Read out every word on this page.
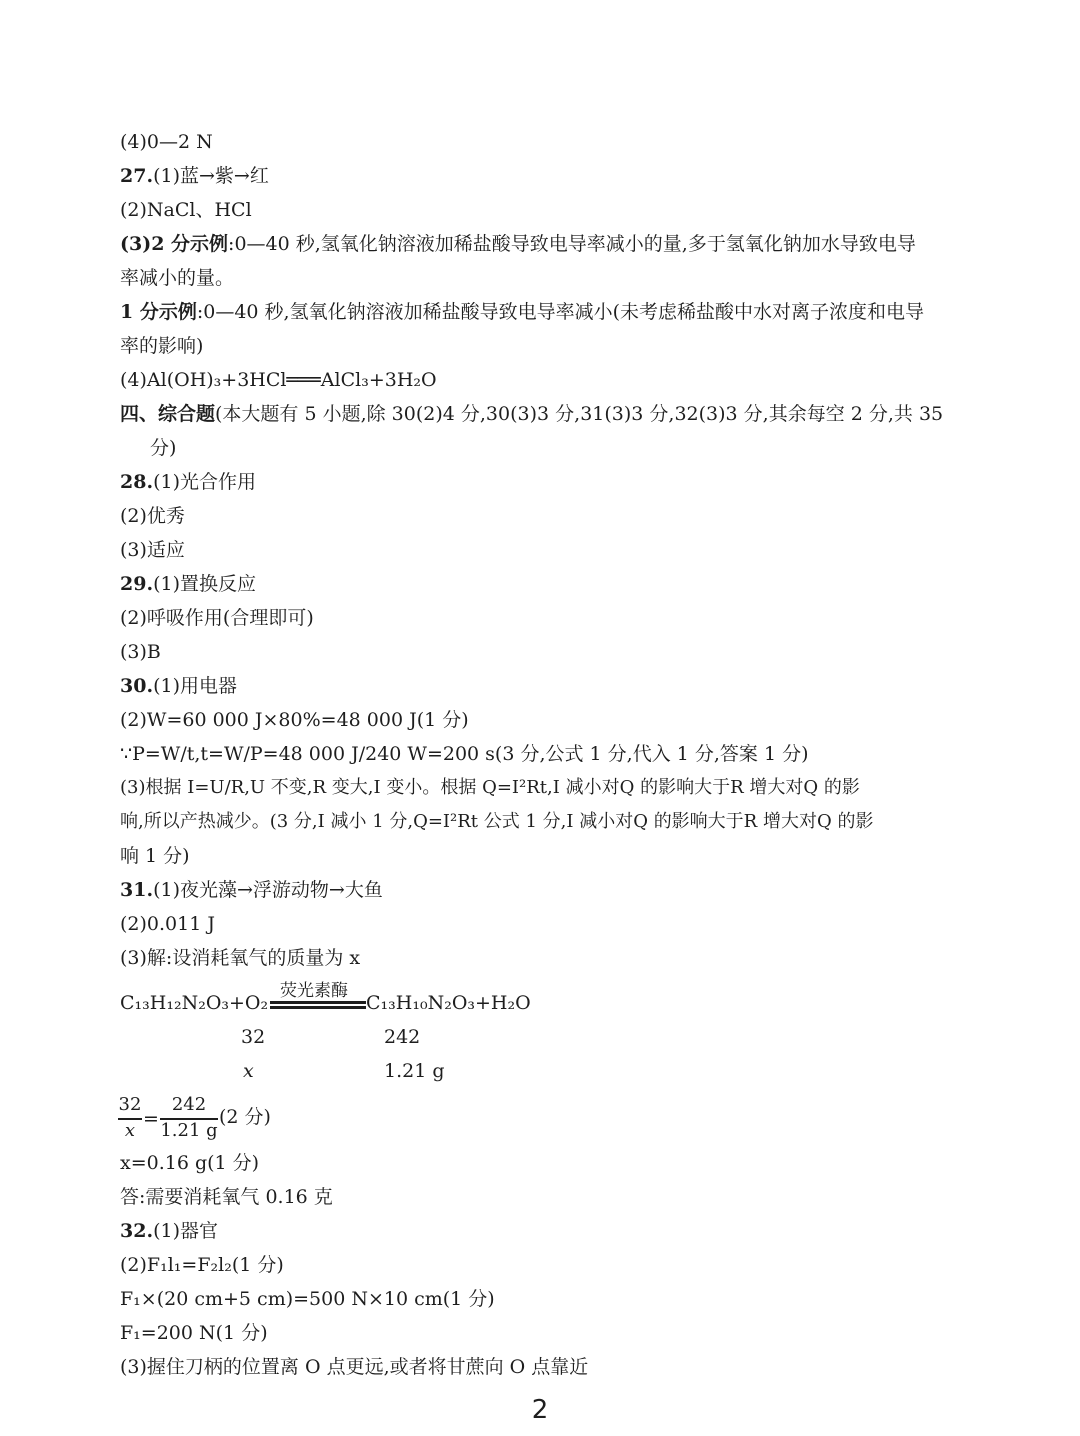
(4)0—2 N
27.(1)蓝→紫→红
(2)NaCl、HCl
(3)2 分示例:0—40 秒,氢氧化钠溶液加稀盐酸导致电导率减小的量,多于氢氧化钠加水导致电导
率减小的量。
1 分示例:0—40 秒,氢氧化钠溶液加稀盐酸导致电导率减小(未考虑稀盐酸中水对离子浓度和电导
率的影响)
(4)Al(OH)₃+3HCl═══AlCl₃+3H₂O
四、综合题(本大题有 5 小题,除 30(2)4 分,30(3)3 分,31(3)3 分,32(3)3 分,其余每空 2 分,共 35
分)
28.(1)光合作用
(2)优秀
(3)适应
29.(1)置换反应
(2)呼吸作用(合理即可)
(3)B
30.(1)用电器
(2)W=60 000 J×80%=48 000 J(1 分)
∵P=W/t,t=W/P=48 000 J/240 W=200 s(3 分,公式 1 分,代入 1 分,答案 1 分)
(3)根据 I=U/R,U 不变,R 变大,I 变小。根据 Q=I²Rt,I 减小对Q 的影响大于R 增大对Q 的影
响,所以产热减少。(3 分,I 减小 1 分,Q=I²Rt 公式 1 分,I 减小对Q 的影响大于R 增大对Q 的影
响 1 分)
31.(1)夜光藻→浮游动物→大鱼
(2)0.011 J
(3)解:设消耗氧气的质量为 x
C₁₃H₁₂N₂O₃+O₂
荧光素酶
C₁₃H₁₀N₂O₃+H₂O
32	242
x	1.21 g
32
x
=
242
1.21 g
(2 分)
x=0.16 g(1 分)
答:需要消耗氧气 0.16 克
32.(1)器官
(2)F₁l₁=F₂l₂(1 分)
F₁×(20 cm+5 cm)=500 N×10 cm(1 分)
F₁=200 N(1 分)
(3)握住刀柄的位置离 O 点更远,或者将甘蔗向 O 点靠近
2
